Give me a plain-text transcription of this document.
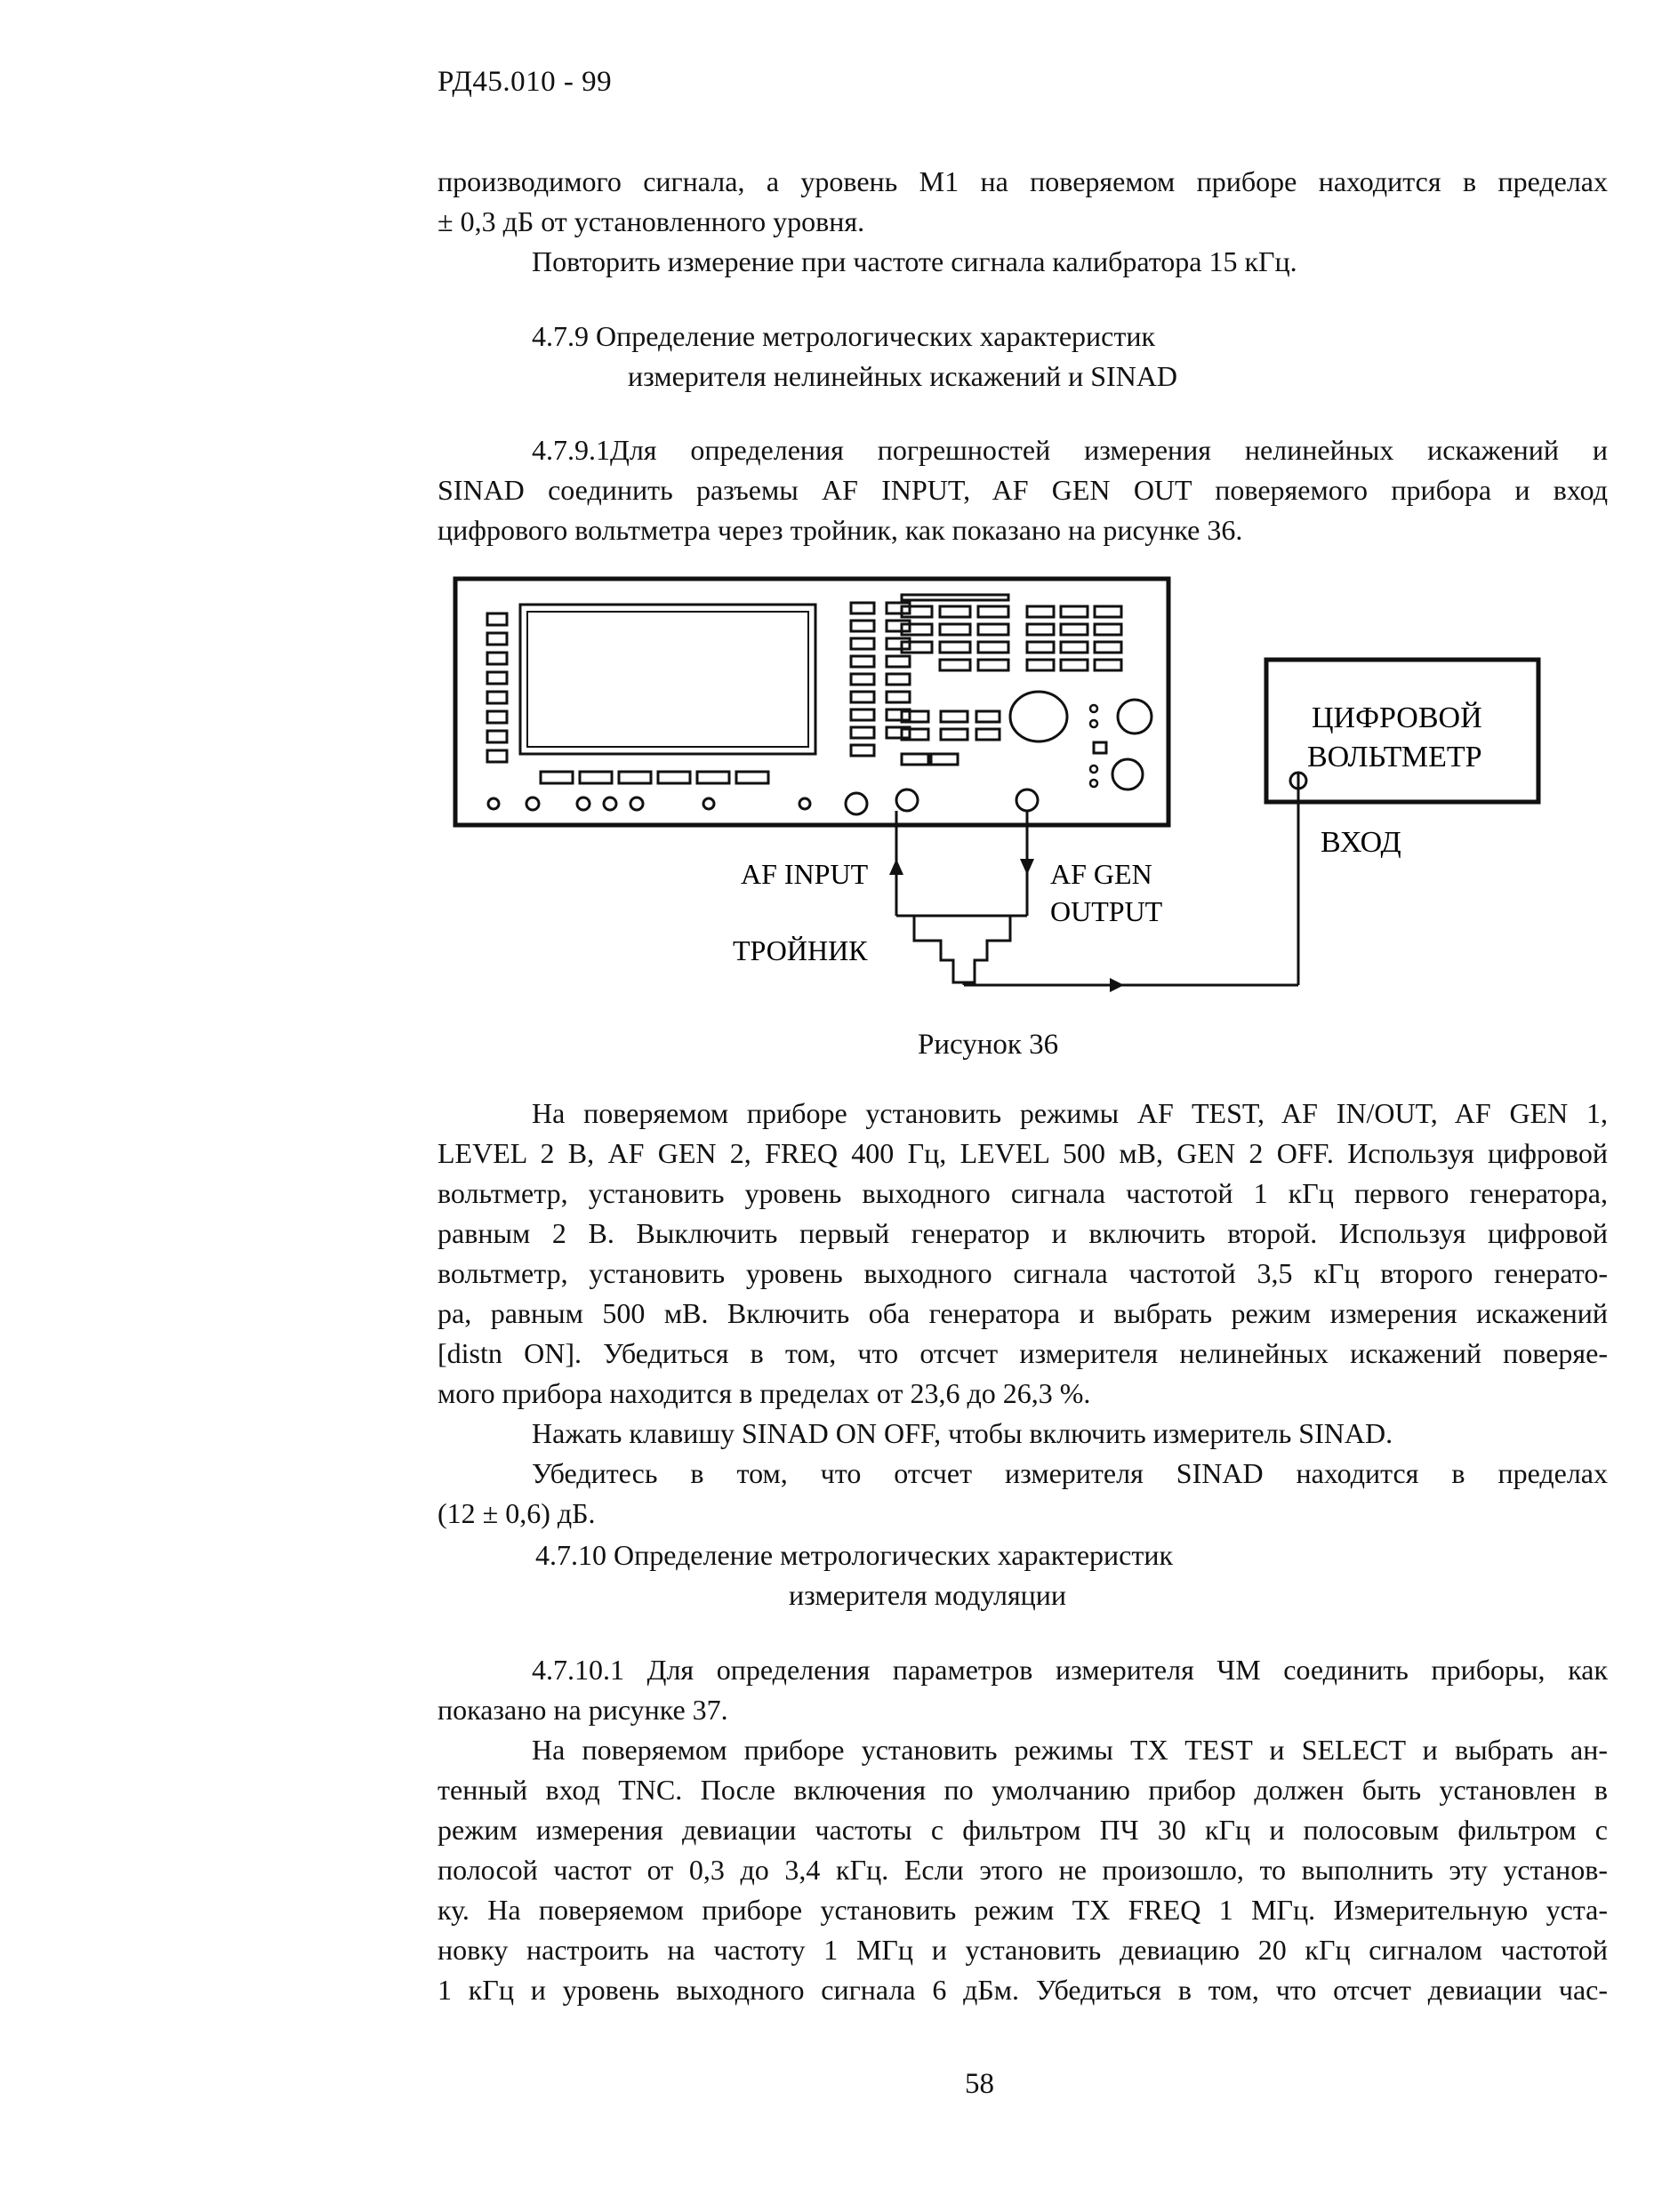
РД45.010 - 99
производимого сигнала, а уровень M1 на поверяемом приборе находится в пределах
± 0,3 дБ от установленного уровня.
Повторить измерение при частоте сигнала калибратора 15 кГц.
4.7.9 Определение метрологических характеристик
измерителя нелинейных искажений и SINAD
4.7.9.1Для определения погрешностей измерения нелинейных искажений и
SINAD соединить разъемы AF INPUT, AF GEN OUT поверяемого прибора и вход
цифрового вольтметра через тройник, как показано на рисунке 36.
ЦИФРОВОЙ
ВОЛЬТМЕТР
ВХОД
AF INPUT	AF GEN
OUTPUT
ТРОЙНИК
Рисунок 36
На поверяемом приборе установить режимы AF TEST, AF IN/OUT, AF GEN 1,
LEVEL 2 В, AF GEN 2, FREQ 400 Гц, LEVEL 500 мВ, GEN 2 OFF. Используя цифровой
вольтметр, установить уровень выходного сигнала частотой 1 кГц первого генератора,
равным 2 В. Выключить первый генератор и включить второй. Используя цифровой
вольтметр, установить уровень выходного сигнала частотой 3,5 кГц второго генерато-
ра, равным 500 мВ. Включить оба генератора и выбрать режим измерения искажений
[distn ON]. Убедиться в том, что отсчет измерителя нелинейных искажений поверяе-
мого прибора находится в пределах от 23,6 до 26,3 %.
Нажать клавишу SINAD ON OFF, чтобы включить измеритель SINAD.
Убедитесь в том, что отсчет измерителя SINAD находится в пределах
(12 ± 0,6) дБ.
4.7.10 Определение метрологических характеристик
измерителя модуляции
4.7.10.1 Для определения параметров измерителя ЧМ соединить приборы, как
показано на рисунке 37.
На поверяемом приборе установить режимы TX TEST и SELECT и выбрать ан-
тенный вход TNC. После включения по умолчанию прибор должен быть установлен в
режим измерения девиации частоты с фильтром ПЧ 30 кГц и полосовым фильтром с
полосой частот от 0,3 до 3,4 кГц. Если этого не произошло, то выполнить эту установ-
ку. На поверяемом приборе установить режим TX FREQ 1 МГц. Измерительную уста-
новку настроить на частоту 1 МГц и установить девиацию 20 кГц сигналом частотой
1 кГц и уровень выходного сигнала 6 дБм. Убедиться в том, что отсчет девиации час-
58
